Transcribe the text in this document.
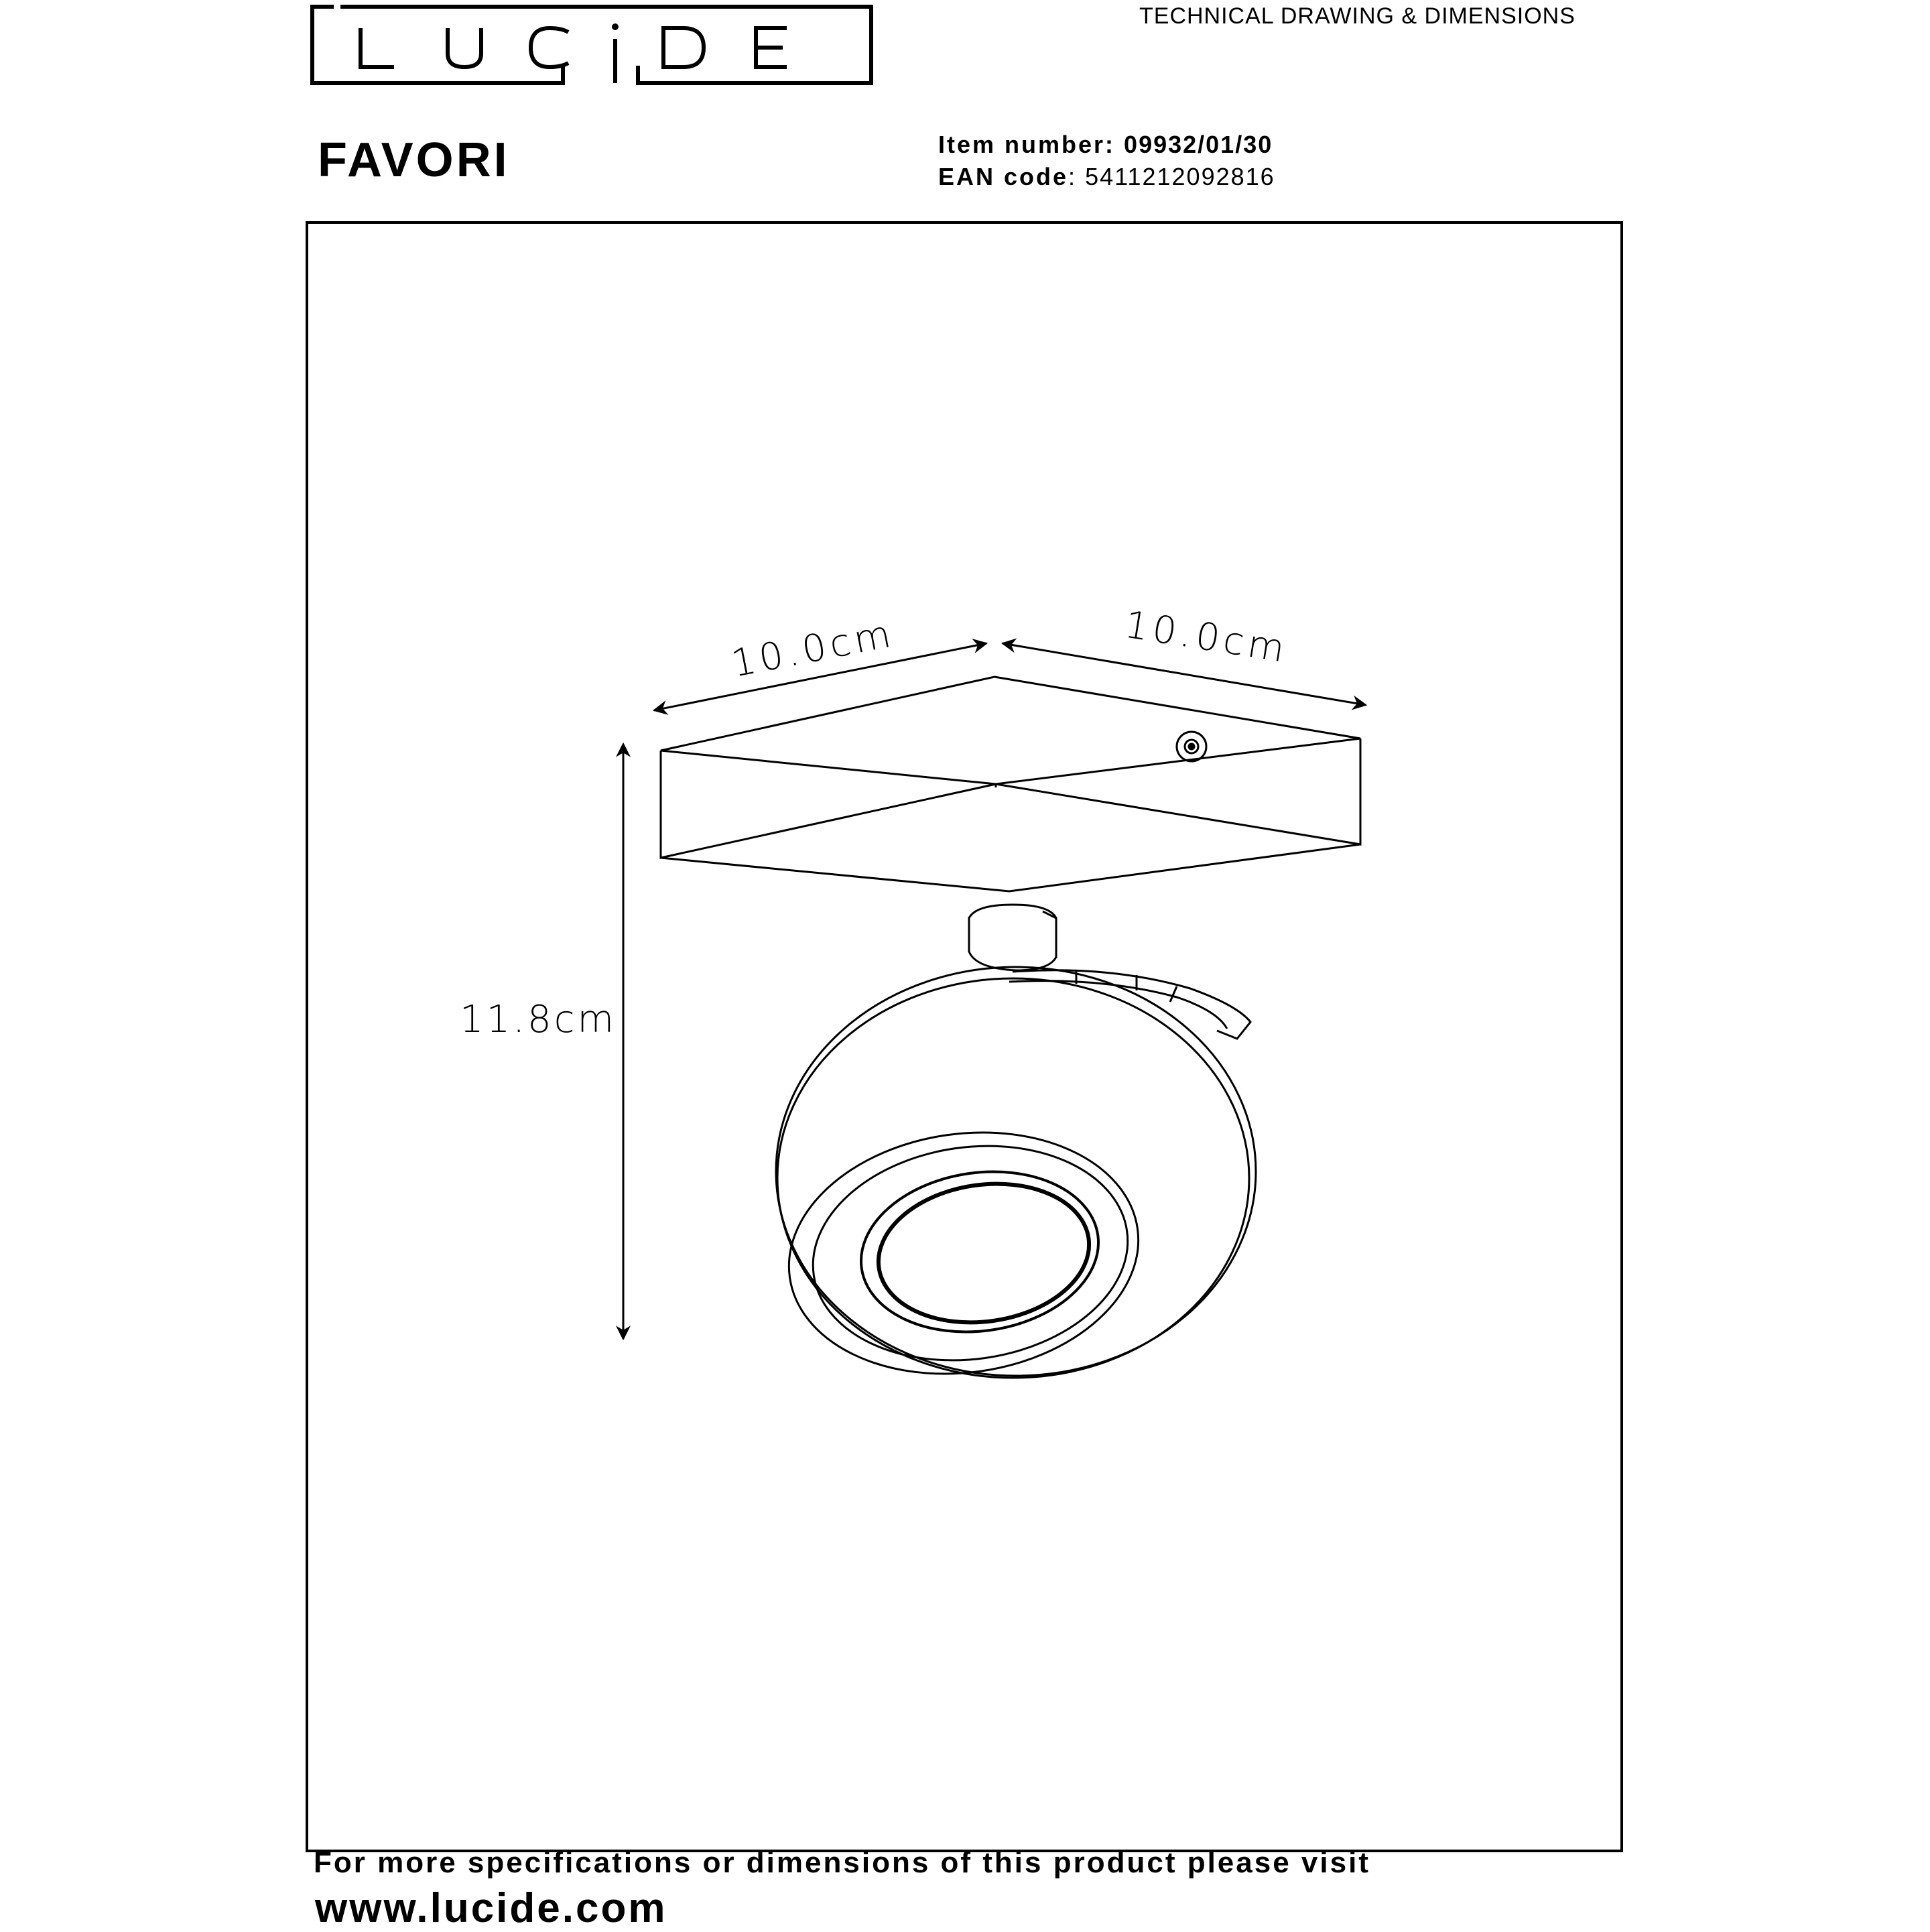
LUCiDE
TECHNICAL DRAWING & DIMENSIONS
FAVORI	Item number: 09932/01/30
EAN code: 5411212092816
10.0cm	10.0cm
11.8cm
For more specifications or dimensions of this product please visit
www.lucide.com
